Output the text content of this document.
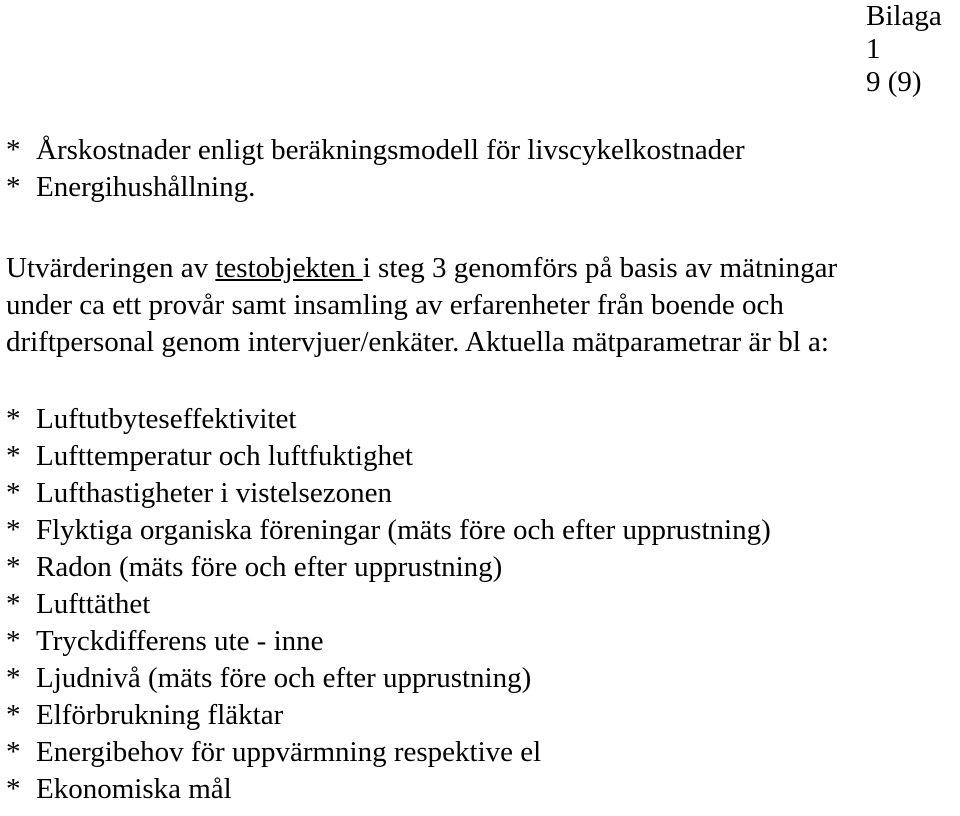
Bilaga 1
9 (9)
* Årskostnader enligt beräkningsmodell för livscykelkostnader
* Energihushållning.
Utvärderingen av testobjekten i steg 3 genomförs på basis av mätningar
under ca ett provår samt insamling av erfarenheter från boende och
driftpersonal genom intervjuer/enkäter. Aktuella mätparametrar är bl a:
* Luftutbyteseffektivitet
* Lufttemperatur och luftfuktighet
* Lufthastigheter i vistelsezonen
* Flyktiga organiska föreningar (mäts före och efter upprustning)
* Radon (mäts före och efter upprustning)
* Lufttäthet
* Tryckdifferens ute - inne
* Ljudnivå (mäts före och efter upprustning)
* Elförbrukning fläktar
* Energibehov för uppvärmning respektive el
* Ekonomiska mål
